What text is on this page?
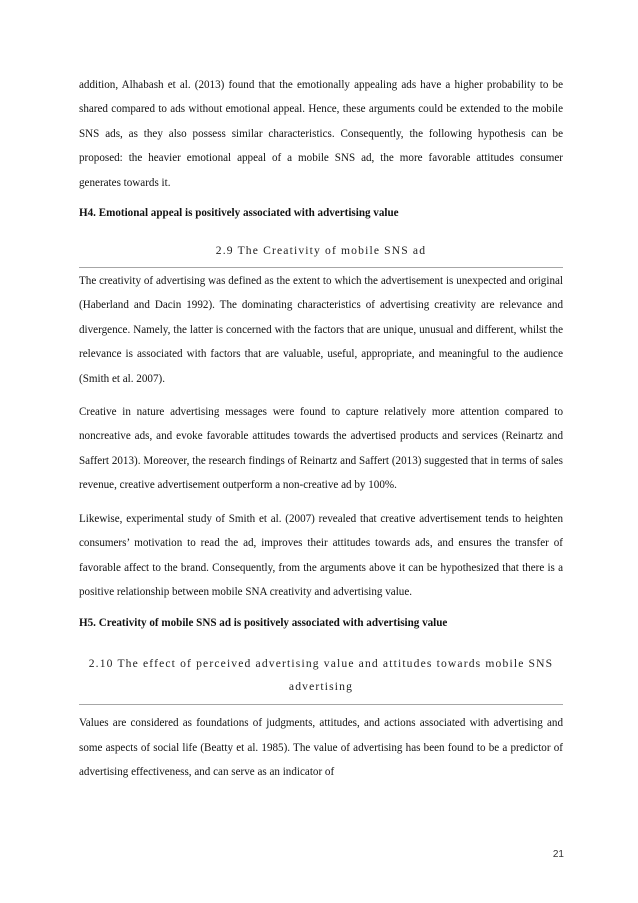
addition, Alhabash et al. (2013) found that the emotionally appealing ads have a higher probability to be shared compared to ads without emotional appeal. Hence, these arguments could be extended to the mobile SNS ads, as they also possess similar characteristics. Consequently, the following hypothesis can be proposed: the heavier emotional appeal of a mobile SNS ad, the more favorable attitudes consumer generates towards it.

H4. Emotional appeal is positively associated with advertising value

2.9 The Creativity of mobile SNS ad

The creativity of advertising was defined as the extent to which the advertisement is unexpected and original (Haberland and Dacin 1992). The dominating characteristics of advertising creativity are relevance and divergence. Namely, the latter is concerned with the factors that are unique, unusual and different, whilst the relevance is associated with factors that are valuable, useful, appropriate, and meaningful to the audience (Smith et al. 2007).

Creative in nature advertising messages were found to capture relatively more attention compared to noncreative ads, and evoke favorable attitudes towards the advertised products and services (Reinartz and Saffert 2013). Moreover, the research findings of Reinartz and Saffert (2013) suggested that in terms of sales revenue, creative advertisement outperform a non-creative ad by 100%.

Likewise, experimental study of Smith et al. (2007) revealed that creative advertisement tends to heighten consumers’ motivation to read the ad, improves their attitudes towards ads, and ensures the transfer of favorable affect to the brand. Consequently, from the arguments above it can be hypothesized that there is a positive relationship between mobile SNA creativity and advertising value.

H5. Creativity of mobile SNS ad is positively associated with advertising value

2.10 The effect of perceived advertising value and attitudes towards mobile SNS advertising

Values are considered as foundations of judgments, attitudes, and actions associated with advertising and some aspects of social life (Beatty et al. 1985). The value of advertising has been found to be a predictor of advertising effectiveness, and can serve as an indicator of

21
